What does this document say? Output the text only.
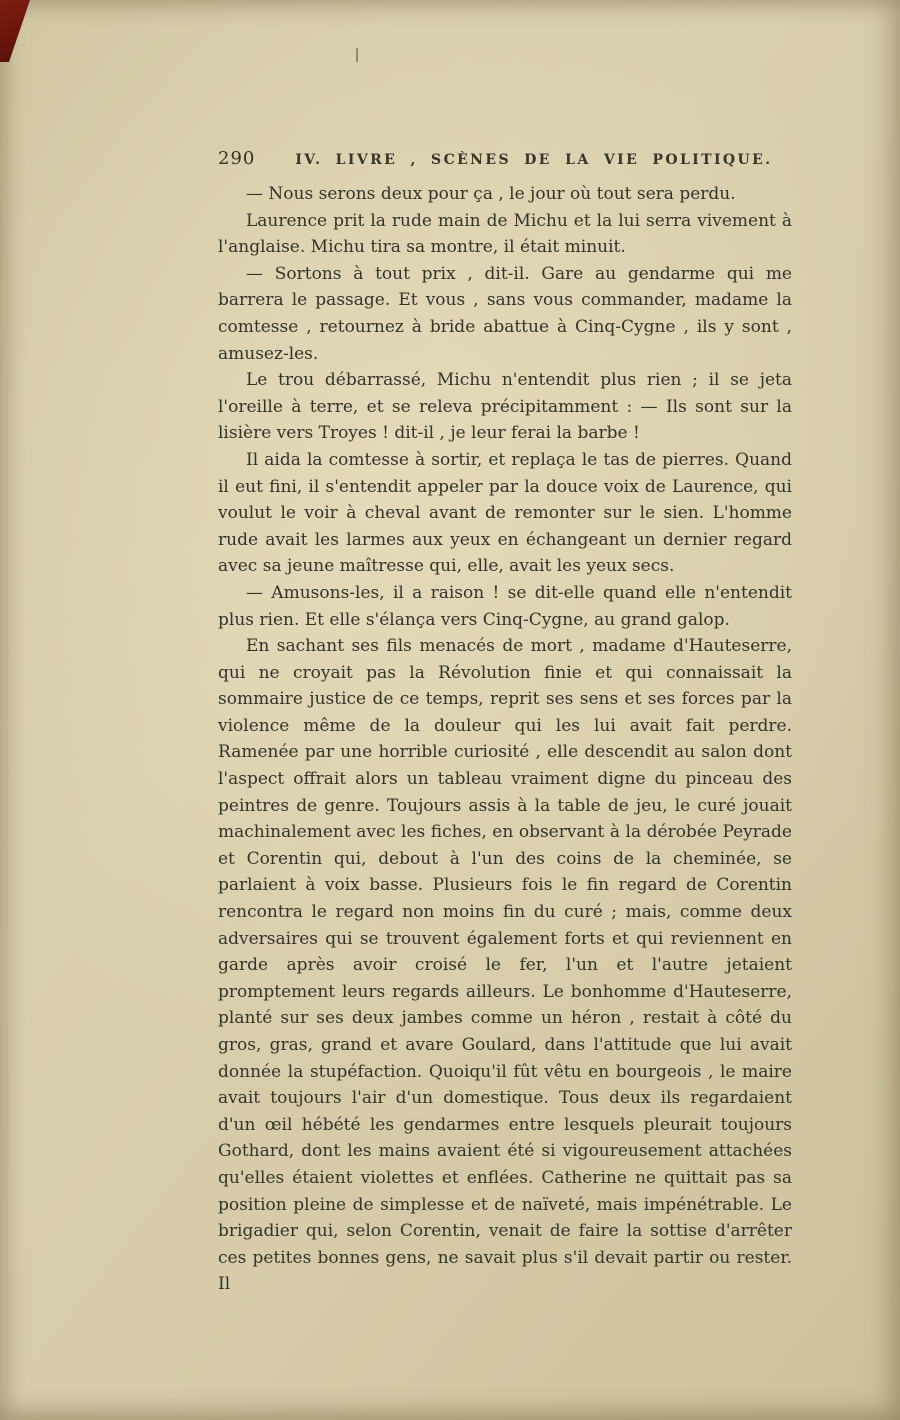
290	IV. LIVRE , SCÈNES DE LA VIE POLITIQUE.

— Nous serons deux pour ça , le jour où tout sera perdu.

Laurence prit la rude main de Michu et la lui serra vivement à l'anglaise. Michu tira sa montre, il était minuit.

— Sortons à tout prix , dit-il. Gare au gendarme qui me barrera le passage. Et vous , sans vous commander, madame la comtesse , retournez à bride abattue à Cinq-Cygne , ils y sont , amusez-les.

Le trou débarrassé, Michu n'entendit plus rien ; il se jeta l'oreille à terre, et se releva précipitamment : — Ils sont sur la lisière vers Troyes ! dit-il , je leur ferai la barbe !

Il aida la comtesse à sortir, et replaça le tas de pierres. Quand il eut fini, il s'entendit appeler par la douce voix de Laurence, qui voulut le voir à cheval avant de remonter sur le sien. L'homme rude avait les larmes aux yeux en échangeant un dernier regard avec sa jeune maîtresse qui, elle, avait les yeux secs.

— Amusons-les, il a raison ! se dit-elle quand elle n'entendit plus rien. Et elle s'élança vers Cinq-Cygne, au grand galop.

En sachant ses fils menacés de mort , madame d'Hauteserre, qui ne croyait pas la Révolution finie et qui connaissait la sommaire justice de ce temps, reprit ses sens et ses forces par la violence même de la douleur qui les lui avait fait perdre. Ramenée par une horrible curiosité , elle descendit au salon dont l'aspect offrait alors un tableau vraiment digne du pinceau des peintres de genre. Toujours assis à la table de jeu, le curé jouait machinalement avec les fiches, en observant à la dérobée Peyrade et Corentin qui, debout à l'un des coins de la cheminée, se parlaient à voix basse. Plusieurs fois le fin regard de Corentin rencontra le regard non moins fin du curé ; mais, comme deux adversaires qui se trouvent également forts et qui reviennent en garde après avoir croisé le fer, l'un et l'autre jetaient promptement leurs regards ailleurs. Le bonhomme d'Hauteserre, planté sur ses deux jambes comme un héron , restait à côté du gros, gras, grand et avare Goulard, dans l'attitude que lui avait donnée la stupéfaction. Quoiqu'il fût vêtu en bourgeois , le maire avait toujours l'air d'un domestique. Tous deux ils regardaient d'un œil hébété les gendarmes entre lesquels pleurait toujours Gothard, dont les mains avaient été si vigoureusement attachées qu'elles étaient violettes et enflées. Catherine ne quittait pas sa position pleine de simplesse et de naïveté, mais impénétrable. Le brigadier qui, selon Corentin, venait de faire la sottise d'arrêter ces petites bonnes gens, ne savait plus s'il devait partir ou rester. Il
